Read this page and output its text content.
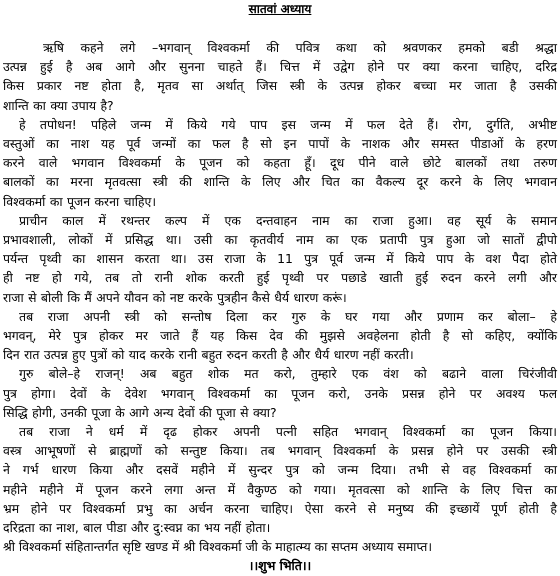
सातवां अध्याय
ऋषि कहने लगे –भगवान् विश्वकर्मा की पवित्र कथा को श्रवणकर हमको बडी श्रद्धा
उत्पन्न हुई है अब आगे और सुनना चाहते हैं। चित्त में उद्वेग होने पर क्या करना चाहिए, दरिद्र
किस प्रकार नष्ट होता है, मृतव सा अर्थात् जिस स्त्री के उत्पन्न होकर बच्चा मर जाता है उसकी
शान्ति का क्या उपाय है?
हे तपोधन! पहिले जन्म में किये गये पाप इस जन्म में फल देते हैं। रोग, दुर्गति, अभीष्ट
वस्तुओं का नाश यह पूर्व जन्मों का फल है सो इन पापों के नाशक और समस्त पीडाओं के हरण
करने वाले भगवान विश्वकर्मा के पूजन को कहता हूँ। दूध पीने वाले छोटे बालकों तथा तरुण
बालकों का मरना मृतवत्सा स्त्री की शान्ति के लिए और चित का वैकल्य दूर करने के लिए भगवान
विश्वकर्मा का पूजन करना चाहिए।
प्राचीन काल में रथन्तर कल्प में एक दन्तवाहन नाम का राजा हुआ। वह सूर्य के समान
प्रभावशाली, लोकों में प्रसिद्ध था। उसी का कृतवीर्य नाम का एक प्रतापी पुत्र हुआ जो सातों द्वीपो
पर्यन्त पृथ्वी का शासन करता था। उस राजा के 11 पुत्र पूर्व जन्म में किये पाप के वश पैदा होते
ही नष्ट हो गये, तब तो रानी शोक करती हुई पृथ्वी पर पछाडे खाती हुई रुदन करने लगी और
राजा से बोली कि मैं अपने यौवन को नष्ट करके पुत्रहीन कैसे धैर्य धारण करूं।
तब राजा अपनी स्त्री को सन्तोष दिला कर गुरु के घर गया और प्रणाम कर बोला– हे
भगवन्, मेरे पुत्र होकर मर जाते हैं यह किस देव की मुझसे अवहेलना होती है सो कहिए, क्योंकि
दिन रात उत्पन्न हुए पुत्रों को याद करके रानी बहुत रुदन करती है और धैर्य धारण नहीं करती।
गुरु बोले–हे राजन्! अब बहुत शोक मत करो, तुम्हारे एक वंश को बढाने वाला चिरंजीवी
पुत्र होगा। देवों के देवेश भगवान् विश्वकर्मा का पूजन करो, उनके प्रसन्न होने पर अवश्य फल
सिद्धि होगी, उनकी पूजा के आगे अन्य देवों की पूजा से क्या?
तब राजा ने धर्म में दृढ होकर अपनी पत्नी सहित भगवान् विश्वकर्मा का पूजन किया।
वस्त्र आभूषणों से ब्राह्मणों को सन्तुष्ट किया। तब भगवान् विश्वकर्मा के प्रसन्न होने पर उसकी स्त्री
ने गर्भ धारण किया और दसवें महीने में सुन्दर पुत्र को जन्म दिया। तभी से वह विश्वकर्मा का
महीने महीने में पूजन करने लगा अन्त में वैकुण्ठ को गया। मृतवत्सा को शान्ति के लिए चित्त का
भ्रम होने पर विश्वकर्मा प्रभु का अर्चन करना चाहिए। ऐसा करने से मनुष्य की इच्छायें पूर्ण होती है
दरिद्रता का नाश, बाल पीडा और दु:स्वप्न का भय नहीं होता।

श्री विश्वकर्मा संहितान्तर्गत सृष्टि खण्ड में श्री विश्वकर्मा जी के माहात्म्य का सप्तम अध्याय समाप्त।

।।शुभ भिति।।
